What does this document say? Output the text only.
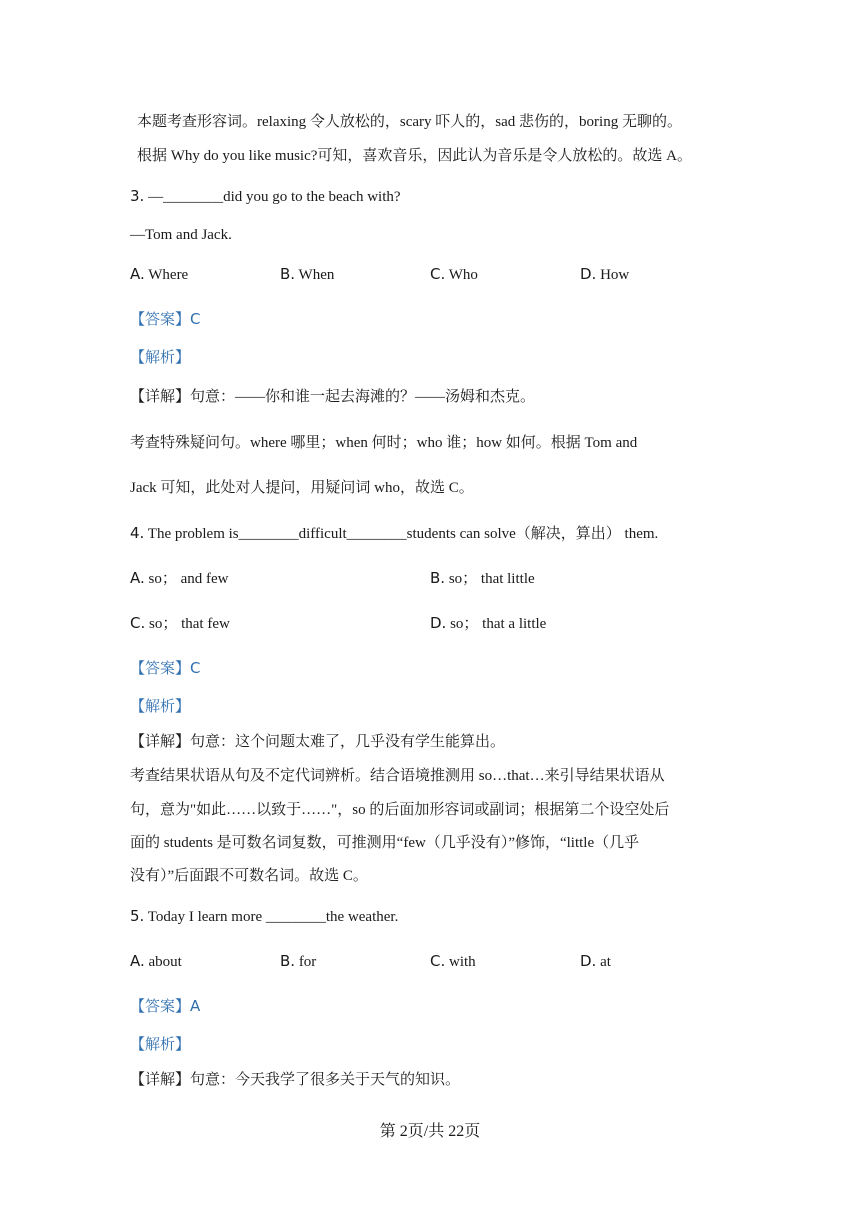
本题考查形容词。relaxing 令人放松的，scary 吓人的，sad 悲伤的，boring 无聊的。
根据 Why do you like music?可知，喜欢音乐，因此认为音乐是令人放松的。故选 A。
3. —________did you go to the beach with?
—Tom and Jack.
A. Where	B. When	C. Who	D. How
【答案】C
【解析】
【详解】句意：——你和谁一起去海滩的？——汤姆和杰克。
考查特殊疑问句。where 哪里；when 何时；who 谁；how 如何。根据 Tom and
Jack 可知，此处对人提问，用疑问词 who，故选 C。
4. The problem is________difficult________students can solve（解决，算出） them.
A. so； and few	B. so； that little
C. so； that few	D. so； that a little
【答案】C
【解析】
【详解】句意：这个问题太难了，几乎没有学生能算出。
考查结果状语从句及不定代词辨析。结合语境推测用 so…that…来引导结果状语从
句，意为"如此……以致于……"，so 的后面加形容词或副词；根据第二个设空处后
面的 students 是可数名词复数，可推测用“few（几乎没有）”修饰，“little（几乎
没有）”后面跟不可数名词。故选 C。
5. Today I learn more ________the weather.
A. about	B. for	C. with	D. at
【答案】A
【解析】
【详解】句意：今天我学了很多关于天气的知识。
第 2页/共 22页
